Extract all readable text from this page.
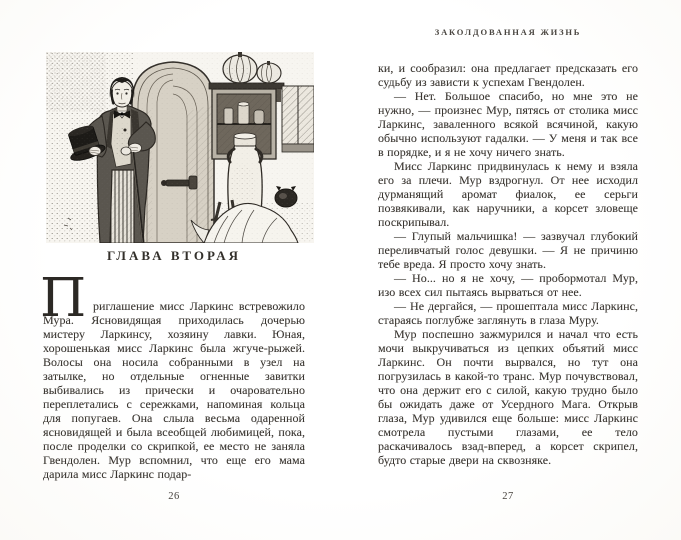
ГЛАВА ВТОРАЯ

П риглашение мисс Ларкинс встревожило Мура. Ясновидящая приходилась дочерью мистеру Ларкинсу, хозяину лавки. Юная, хорошенькая мисс Ларкинс была жгуче-рыжей. Волосы она носила собранными в узел на затылке, но отдельные огненные завитки выбивались из прически и очаровательно переплетались с сережками, напоминая кольца для попугаев. Она слыла весьма одаренной ясновидящей и была всеобщей любимицей, пока, после проделки со скрипкой, ее место не заняла Гвендолен. Мур вспомнил, что еще его мама дарила мисс Ларкинс подар-

26
ЗАКОЛДОВАННАЯ ЖИЗНЬ

ки, и сообразил: она предлагает предсказать его судьбу из зависти к успехам Гвендолен.

— Нет. Большое спасибо, но мне это не нужно, — произнес Мур, пятясь от столика мисс Ларкинс, заваленного всякой всячиной, какую обычно используют гадалки. — У меня и так все в порядке, и я не хочу ничего знать.

Мисс Ларкинс придвинулась к нему и взяла его за плечи. Мур вздрогнул. От нее исходил дурманящий аромат фиалок, ее серьги позвякивали, как наручники, а корсет зловеще поскрипывал.

— Глупый мальчишка! — зазвучал глубокий переливчатый голос девушки. — Я не причиню тебе вреда. Я просто хочу знать.

— Но... но я не хочу, — пробормотал Мур, изо всех сил пытаясь вырваться от нее.

— Не дергайся, — прошептала мисс Ларкинс, стараясь поглубже заглянуть в глаза Муру.

Мур поспешно зажмурился и начал что есть мочи выкручиваться из цепких объятий мисс Ларкинс. Он почти вырвался, но тут она погрузилась в какой-то транс. Мур почувствовал, что она держит его с силой, какую трудно было бы ожидать даже от Усердного Мага. Открыв глаза, Мур удивился еще больше: мисс Ларкинс смотрела пустыми глазами, ее тело раскачивалось взад-вперед, а корсет скрипел, будто старые двери на сквозняке.

27
